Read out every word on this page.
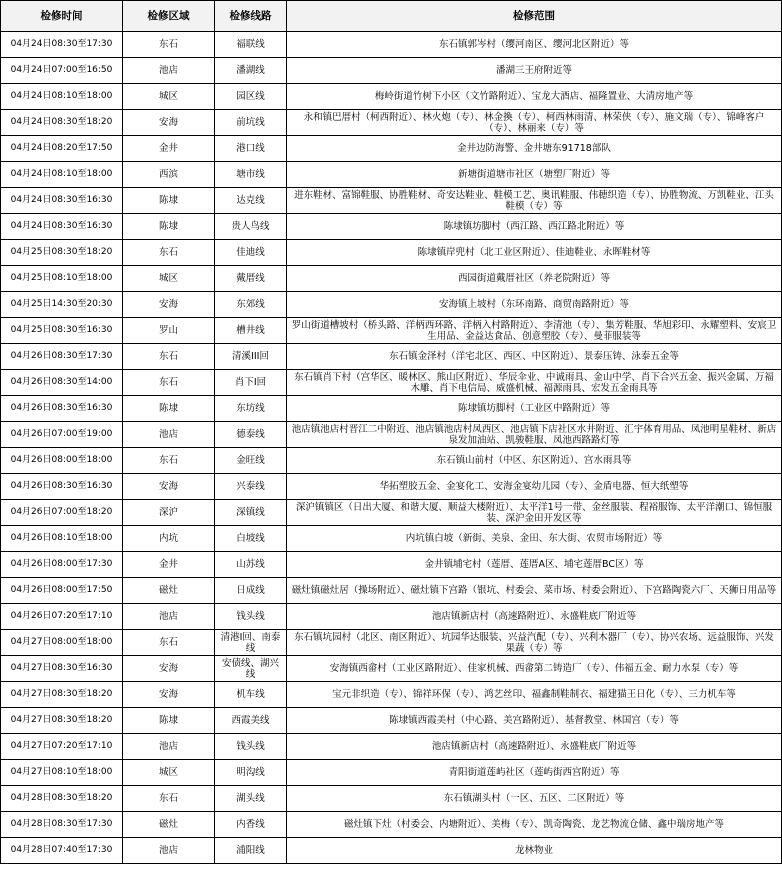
检修时间	检修区域	检修线路	检修范围
04月24日08:30至17:30	东石	福联线	东石镇郭岑村（缨河南区、缨河北区附近）等
04月24日07:00至16:50	池店	潘湖线	潘湖三王府附近等
04月24日08:10至18:00	城区	园区线	梅岭街道竹树下小区（文竹路附近）、宝龙大酒店、福隆置业、大清房地产等
04月24日08:30至18:20	安海	前坑线	永和镇巴厝村（柯西附近）、林火炮（专）、林金換（专）、柯西林雨清、林荣侠（专）、施文瑞（专）、锦峰客户（专）、林丽来（专）等
04月24日08:20至17:50	金井	港口线	金井边防海警、金井塘东91718部队
04月24日08:10至18:00	西滨	塘市线	新塘街道塘市社区（塘塑厂附近）等
04月24日08:30至16:30	陈埭	达克线	进东鞋材、富锦鞋服、协胜鞋材、奇安达鞋业、鞋模工艺、奥讯鞋服、伟穂织造（专）、协胜物流、万凯鞋业、江头鞋模（专）等
04月24日08:30至16:30	陈埭	贵人鸟线	陈埭镇坊脚村（西江路、西江路北附近）等
04月25日08:30至18:20	东石	佳迪线	陈埭镇岸兜村（北工业区附近）、佳迪鞋业、永晖鞋材等
04月25日08:10至18:00	城区	戴厝线	西园街道戴厝社区（养老院附近）等
04月25日14:30至20:30	安海	东郊线	安海镇上坡村（东环南路、商贸南路附近）等
04月25日08:30至16:30	罗山	槽井线	罗山街道槽坡村（桥头路、洋柄西环路、洋柄入村路附近）、李清池（专）、集芳鞋服、华旭彩印、永耀塑料、安宸卫生用品、金益达食品、创意塑胶（专）、曼菲服装等
04月26日08:30至17:30	东石	清溪III回	东石镇金泽村（洋宅北区、西区、中区附近）、景泰压铸、泳泰五金等
04月26日08:30至14:00	东石	肖下I回	东石镇肖下村（宫华区、暖林区、熊山区附近）、华辰伞业、中诚雨具、金山中学、肖下合兴五金、振兴金属、万福木雕、肖下电信局、威盛机械、福源雨具、宏发五金雨具等
04月26日08:30至16:30	陈埭	东坊线	陈埭镇坊脚村（工业区中路附近）等
04月26日07:00至19:00	池店	德泰线	池店镇池店村晋江二中附近、池店镇池店村凤西区、池店镇下店社区水井附近、汇宇体育用品、凤池明星鞋材、新店泉发加油站、凯骏鞋服、凤池西路路灯等
04月26日08:00至18:00	东石	金旺线	东石镇山前村（中区、东区附近）、宫水雨具等
04月26日08:30至16:30	安海	兴泰线	华拓塑胶五金、金宴化工、安海金宴幼儿园（专）、金盾电器、恒大纸塑等
04月26日07:00至18:20	深沪	深镇线	深沪镇镇区（日出大厦、和谐大厦、顺益大楼附近）、太平洋1号一带、金丝服装、程裕服饰、太平洋潮口、锦恒服装、深沪金田开发区等
04月26日08:10至18:00	内坑	白坡线	内坑镇白坡（新街、美泉、金田、东大街、农贸市场附近）等
04月26日08:00至17:30	金井	山苏线	金井镇埔宅村（莲厝、莲厝A区、埔宅莲厝BC区）等
04月26日08:00至17:50	磁灶	日成线	磁灶镇磁灶居（操场附近）、磁灶镇下宫路（银坑、村委会、菜市场、村委会附近）、下宫路陶瓷六厂、天狮日用品等
04月26日07:20至17:10	池店	钱头线	池店镇新店村（高速路附近）、永盛鞋底厂附近等
04月27日08:00至18:00	东石	清港I回、南泰线	东石镇坑园村（北区、南区附近）、坑园华达服装、兴益汽配（专）、兴利木器厂（专）、协兴农场、远益服饰、兴发果蔬（专）等
04月27日08:30至16:30	安海	安债线、湖兴线	安海镇西畲村（工业区路附近）、佳家机械、西畲第二铸造厂（专）、伟福五金、耐力水泵（专）等
04月27日08:30至18:20	安海	机车线	宝元非织造（专）、锦祥环保（专）、鸿艺丝印、福鑫制鞋制衣、福建猫王日化（专）、三力机车等
04月27日08:30至18:20	陈埭	西霞美线	陈埭镇西霞美村（中心路、美宫路附近）、基督教堂、林国宫（专）等
04月27日07:20至17:10	池店	钱头线	池店镇新店村（高速路附近）、永盛鞋底厂附近等
04月27日08:10至18:00	城区	明沟线	青阳街道莲屿社区（莲屿街西宫附近）等
04月28日08:30至18:20	东石	湖头线	东石镇湖头村（一区、五区、二区附近）等
04月28日08:30至17:30	磁灶	内香线	磁灶镇下灶（村委会、内塘附近）、美梅（专）、凯奇陶瓷、龙艺物流仓储、鑫中瑞房地产等
04月28日07:40至17:30	池店	浦阳线	龙林物业
